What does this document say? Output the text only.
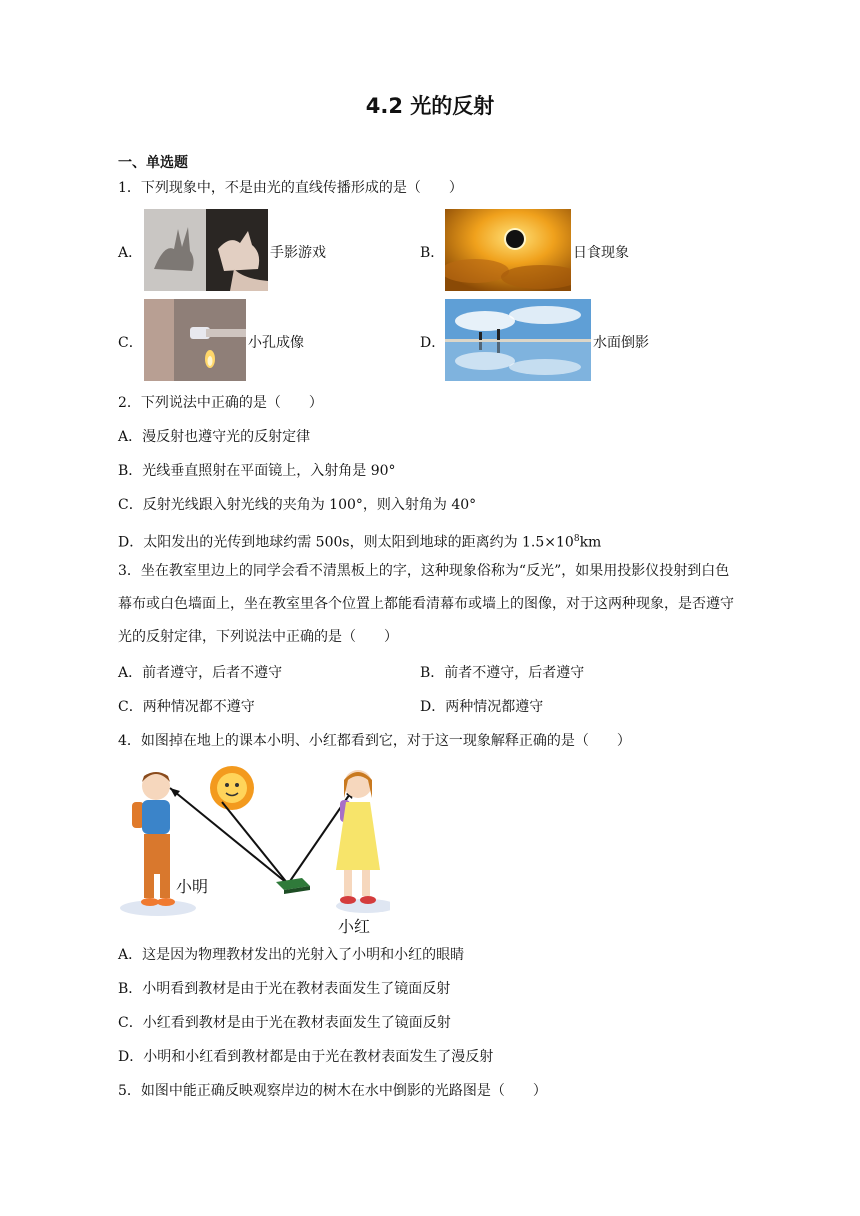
4.2 光的反射
一、单选题
1．下列现象中，不是由光的直线传播形成的是（　　）
A．	手影游戏	B．	日食现象
C．	小孔成像	D．	水面倒影
2．下列说法中正确的是（　　）
A．漫反射也遵守光的反射定律
B．光线垂直照射在平面镜上，入射角是 90°
C．反射光线跟入射光线的夹角为 100°，则入射角为 40°
D．太阳发出的光传到地球约需 500s，则太阳到地球的距离约为 $1.5\times 10^8km$
3．坐在教室里边上的同学会看不清黑板上的字，这种现象俗称为“反光”，如果用投影仪投射到白色幕布或白色墙面上，坐在教室里各个位置上都能看清幕布或墙上的图像，对于这两种现象，是否遵守光的反射定律，下列说法中正确的是（　　）
A．前者遵守，后者不遵守	B．前者不遵守，后者遵守
C．两种情况都不遵守	D．两种情况都遵守
4．如图掉在地上的课本小明、小红都看到它，对于这一现象解释正确的是（　　）
小明
小红
A．这是因为物理教材发出的光射入了小明和小红的眼睛
B．小明看到教材是由于光在教材表面发生了镜面反射
C．小红看到教材是由于光在教材表面发生了镜面反射
D．小明和小红看到教材都是由于光在教材表面发生了漫反射
5．如图中能正确反映观察岸边的树木在水中倒影的光路图是（　　）
